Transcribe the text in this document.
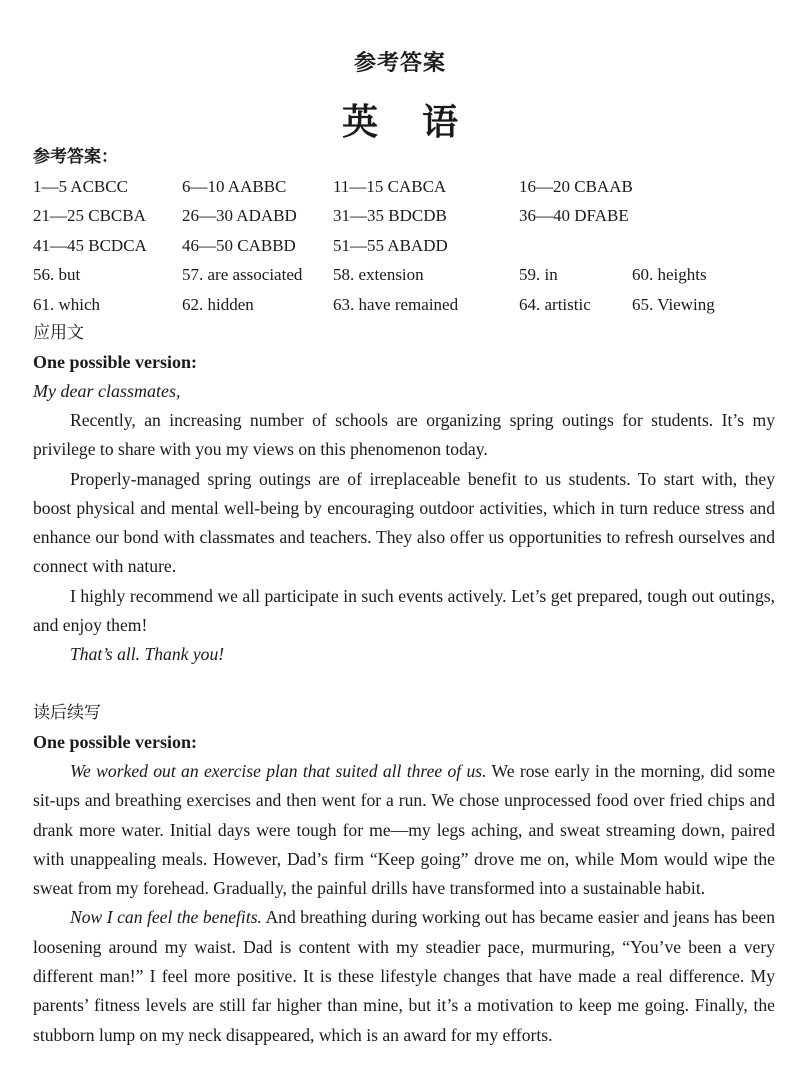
参考答案
英 语
参考答案：
1—5 ACBCC	6—10 AABBC	11—15 CABCA	16—20 CBAAB
21—25 CBCBA 26—30 ADABD 31—35 BDCDB	36—40 DFABE
41—45 BCDCA 46—50 CABBD 51—55 ABADD
56. but	57. are associated 58. extension	59. in	60. heights
61. which	62. hidden	63. have remained	64. artistic 65. Viewing
应用文
One possible version:
My dear classmates,

Recently, an increasing number of schools are organizing spring outings for students. It’s my privilege to share with you my views on this phenomenon today.

Properly-managed spring outings are of irreplaceable benefit to us students. To start with, they boost physical and mental well-being by encouraging outdoor activities, which in turn reduce stress and enhance our bond with classmates and teachers. They also offer us opportunities to refresh ourselves and connect with nature.

I highly recommend we all participate in such events actively. Let’s get prepared, tough out outings, and enjoy them!

That’s all. Thank you!

读后续写
One possible version:

We worked out an exercise plan that suited all three of us. We rose early in the morning, did some sit-ups and breathing exercises and then went for a run. We chose unprocessed food over fried chips and drank more water. Initial days were tough for me—my legs aching, and sweat streaming down, paired with unappealing meals. However, Dad’s firm “Keep going” drove me on, while Mom would wipe the sweat from my forehead. Gradually, the painful drills have transformed into a sustainable habit.

Now I can feel the benefits. And breathing during working out has became easier and jeans has been loosening around my waist. Dad is content with my steadier pace, murmuring, “You’ve been a very different man!” I feel more positive. It is these lifestyle changes that have made a real difference. My parents’ fitness levels are still far higher than mine, but it’s a motivation to keep me going. Finally, the stubborn lump on my neck disappeared, which is an award for my efforts.
